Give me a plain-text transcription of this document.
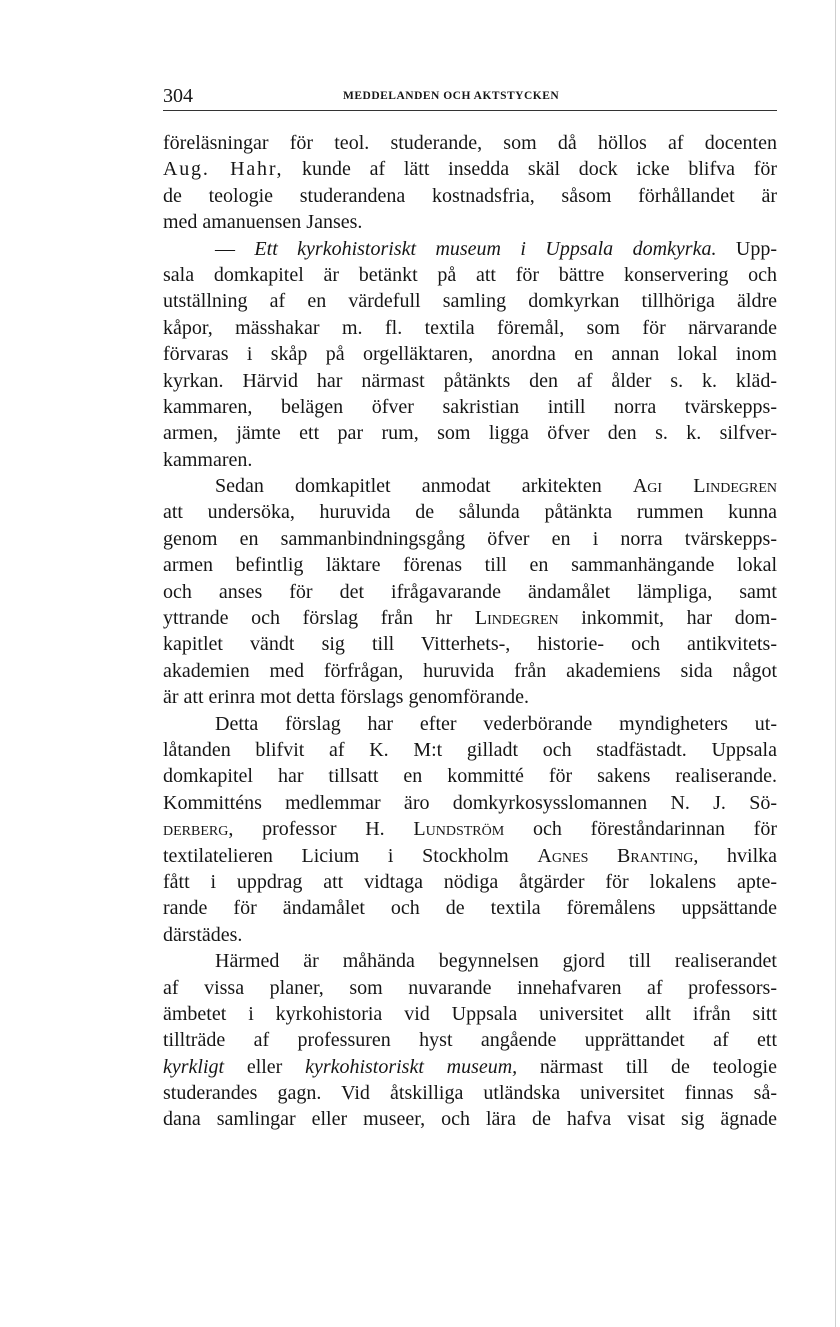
304	MEDDELANDEN OCH AKTSTYCKEN
föreläsningar för teol. studerande, som då höllos af docenten
Aug. Hahr, kunde af lätt insedda skäl dock icke blifva för
de teologie studerandena kostnadsfria, såsom förhållandet är
med amanuensen Janses.
— Ett kyrkohistoriskt museum i Uppsala domkyrka. Upp-
sala domkapitel är betänkt på att för bättre konservering och
utställning af en värdefull samling domkyrkan tillhöriga äldre
kåpor, mässhakar m. fl. textila föremål, som för närvarande
förvaras i skåp på orgelläktaren, anordna en annan lokal inom
kyrkan. Härvid har närmast påtänkts den af ålder s. k. kläd-
kammaren, belägen öfver sakristian intill norra tvärskepps-
armen, jämte ett par rum, som ligga öfver den s. k. silfver-
kammaren.
Sedan domkapitlet anmodat arkitekten Agi Lindegren
att undersöka, huruvida de sålunda påtänkta rummen kunna
genom en sammanbindningsgång öfver en i norra tvärskepps-
armen befintlig läktare förenas till en sammanhängande lokal
och anses för det ifrågavarande ändamålet lämpliga, samt
yttrande och förslag från hr Lindegren inkommit, har dom-
kapitlet vändt sig till Vitterhets-, historie- och antikvitets-
akademien med förfrågan, huruvida från akademiens sida något
är att erinra mot detta förslags genomförande.
Detta förslag har efter vederbörande myndigheters ut-
låtanden blifvit af K. M:t gilladt och stadfästadt. Uppsala
domkapitel har tillsatt en kommitté för sakens realiserande.
Kommitténs medlemmar äro domkyrkosysslomannen N. J. Sö-
derberg, professor H. Lundström och föreståndarinnan för
textilatelieren Licium i Stockholm Agnes Branting, hvilka
fått i uppdrag att vidtaga nödiga åtgärder för lokalens apte-
rande för ändamålet och de textila föremålens uppsättande
därstädes.
Härmed är måhända begynnelsen gjord till realiserandet
af vissa planer, som nuvarande innehafvaren af professors-
ämbetet i kyrkohistoria vid Uppsala universitet allt ifrån sitt
tillträde af professuren hyst angående upprättandet af ett
kyrkligt eller kyrkohistoriskt museum, närmast till de teologie
studerandes gagn. Vid åtskilliga utländska universitet finnas så-
dana samlingar eller museer, och lära de hafva visat sig ägnade
